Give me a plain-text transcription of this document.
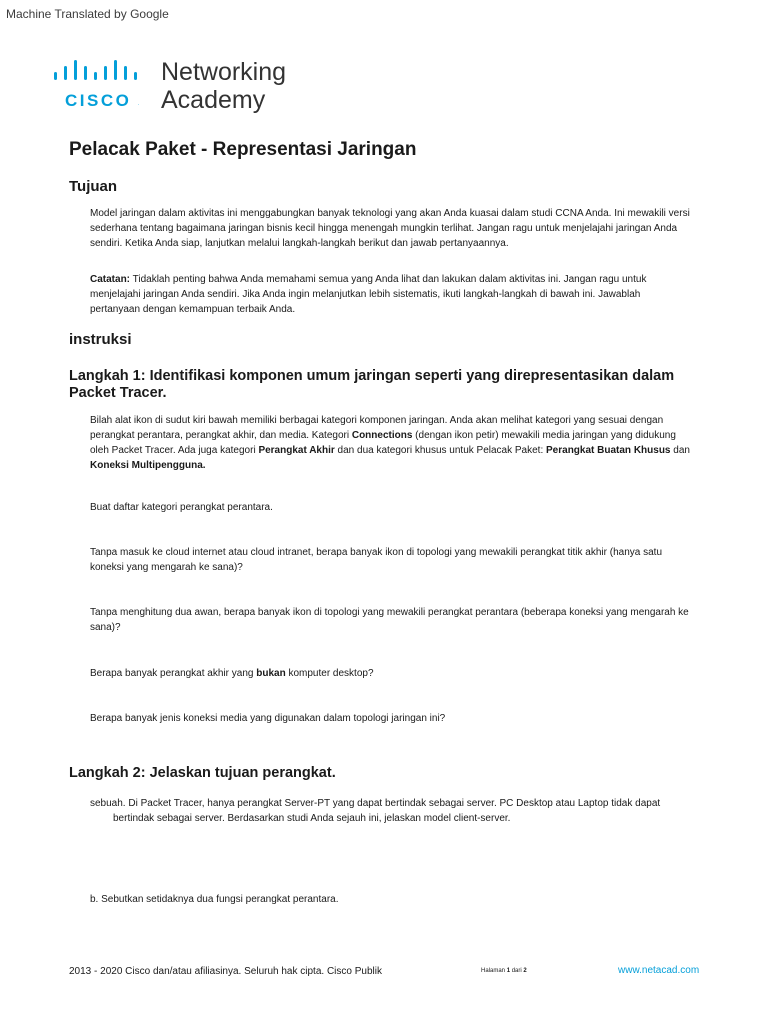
Machine Translated by Google
CISCO .
Networking
Academy
Pelacak Paket - Representasi Jaringan
Tujuan

Model jaringan dalam aktivitas ini menggabungkan banyak teknologi yang akan Anda kuasai dalam studi CCNA Anda. Ini mewakili versi sederhana tentang bagaimana jaringan bisnis kecil hingga menengah mungkin terlihat. Jangan ragu untuk menjelajahi jaringan Anda sendiri. Ketika Anda siap, lanjutkan melalui langkah-langkah berikut dan jawab pertanyaannya.

Catatan: Tidaklah penting bahwa Anda memahami semua yang Anda lihat dan lakukan dalam aktivitas ini. Jangan ragu untuk menjelajahi jaringan Anda sendiri. Jika Anda ingin melanjutkan lebih sistematis, ikuti langkah-langkah di bawah ini. Jawablah pertanyaan dengan kemampuan terbaik Anda.

instruksi
Langkah 1: Identifikasi komponen umum jaringan seperti yang direpresentasikan dalam Packet Tracer.

Bilah alat ikon di sudut kiri bawah memiliki berbagai kategori komponen jaringan. Anda akan melihat kategori yang sesuai dengan perangkat perantara, perangkat akhir, dan media. Kategori Connections (dengan ikon petir) mewakili media jaringan yang didukung oleh Packet Tracer. Ada juga kategori Perangkat Akhir dan dua kategori khusus untuk Pelacak Paket: Perangkat Buatan Khusus dan Koneksi Multipengguna.

Buat daftar kategori perangkat perantara.

Tanpa masuk ke cloud internet atau cloud intranet, berapa banyak ikon di topologi yang mewakili perangkat titik akhir (hanya satu koneksi yang mengarah ke sana)?

Tanpa menghitung dua awan, berapa banyak ikon di topologi yang mewakili perangkat perantara (beberapa koneksi yang mengarah ke sana)?

Berapa banyak perangkat akhir yang bukan komputer desktop?

Berapa banyak jenis koneksi media yang digunakan dalam topologi jaringan ini?

Langkah 2: Jelaskan tujuan perangkat.

sebuah. Di Packet Tracer, hanya perangkat Server-PT yang dapat bertindak sebagai server. PC Desktop atau Laptop tidak dapat
bertindak sebagai server. Berdasarkan studi Anda sejauh ini, jelaskan model client-server.

b. Sebutkan setidaknya dua fungsi perangkat perantara.

2013 - 2020 Cisco dan/atau afiliasinya. Seluruh hak cipta. Cisco Publik	Halaman 1 dari 2	www.netacad.com
